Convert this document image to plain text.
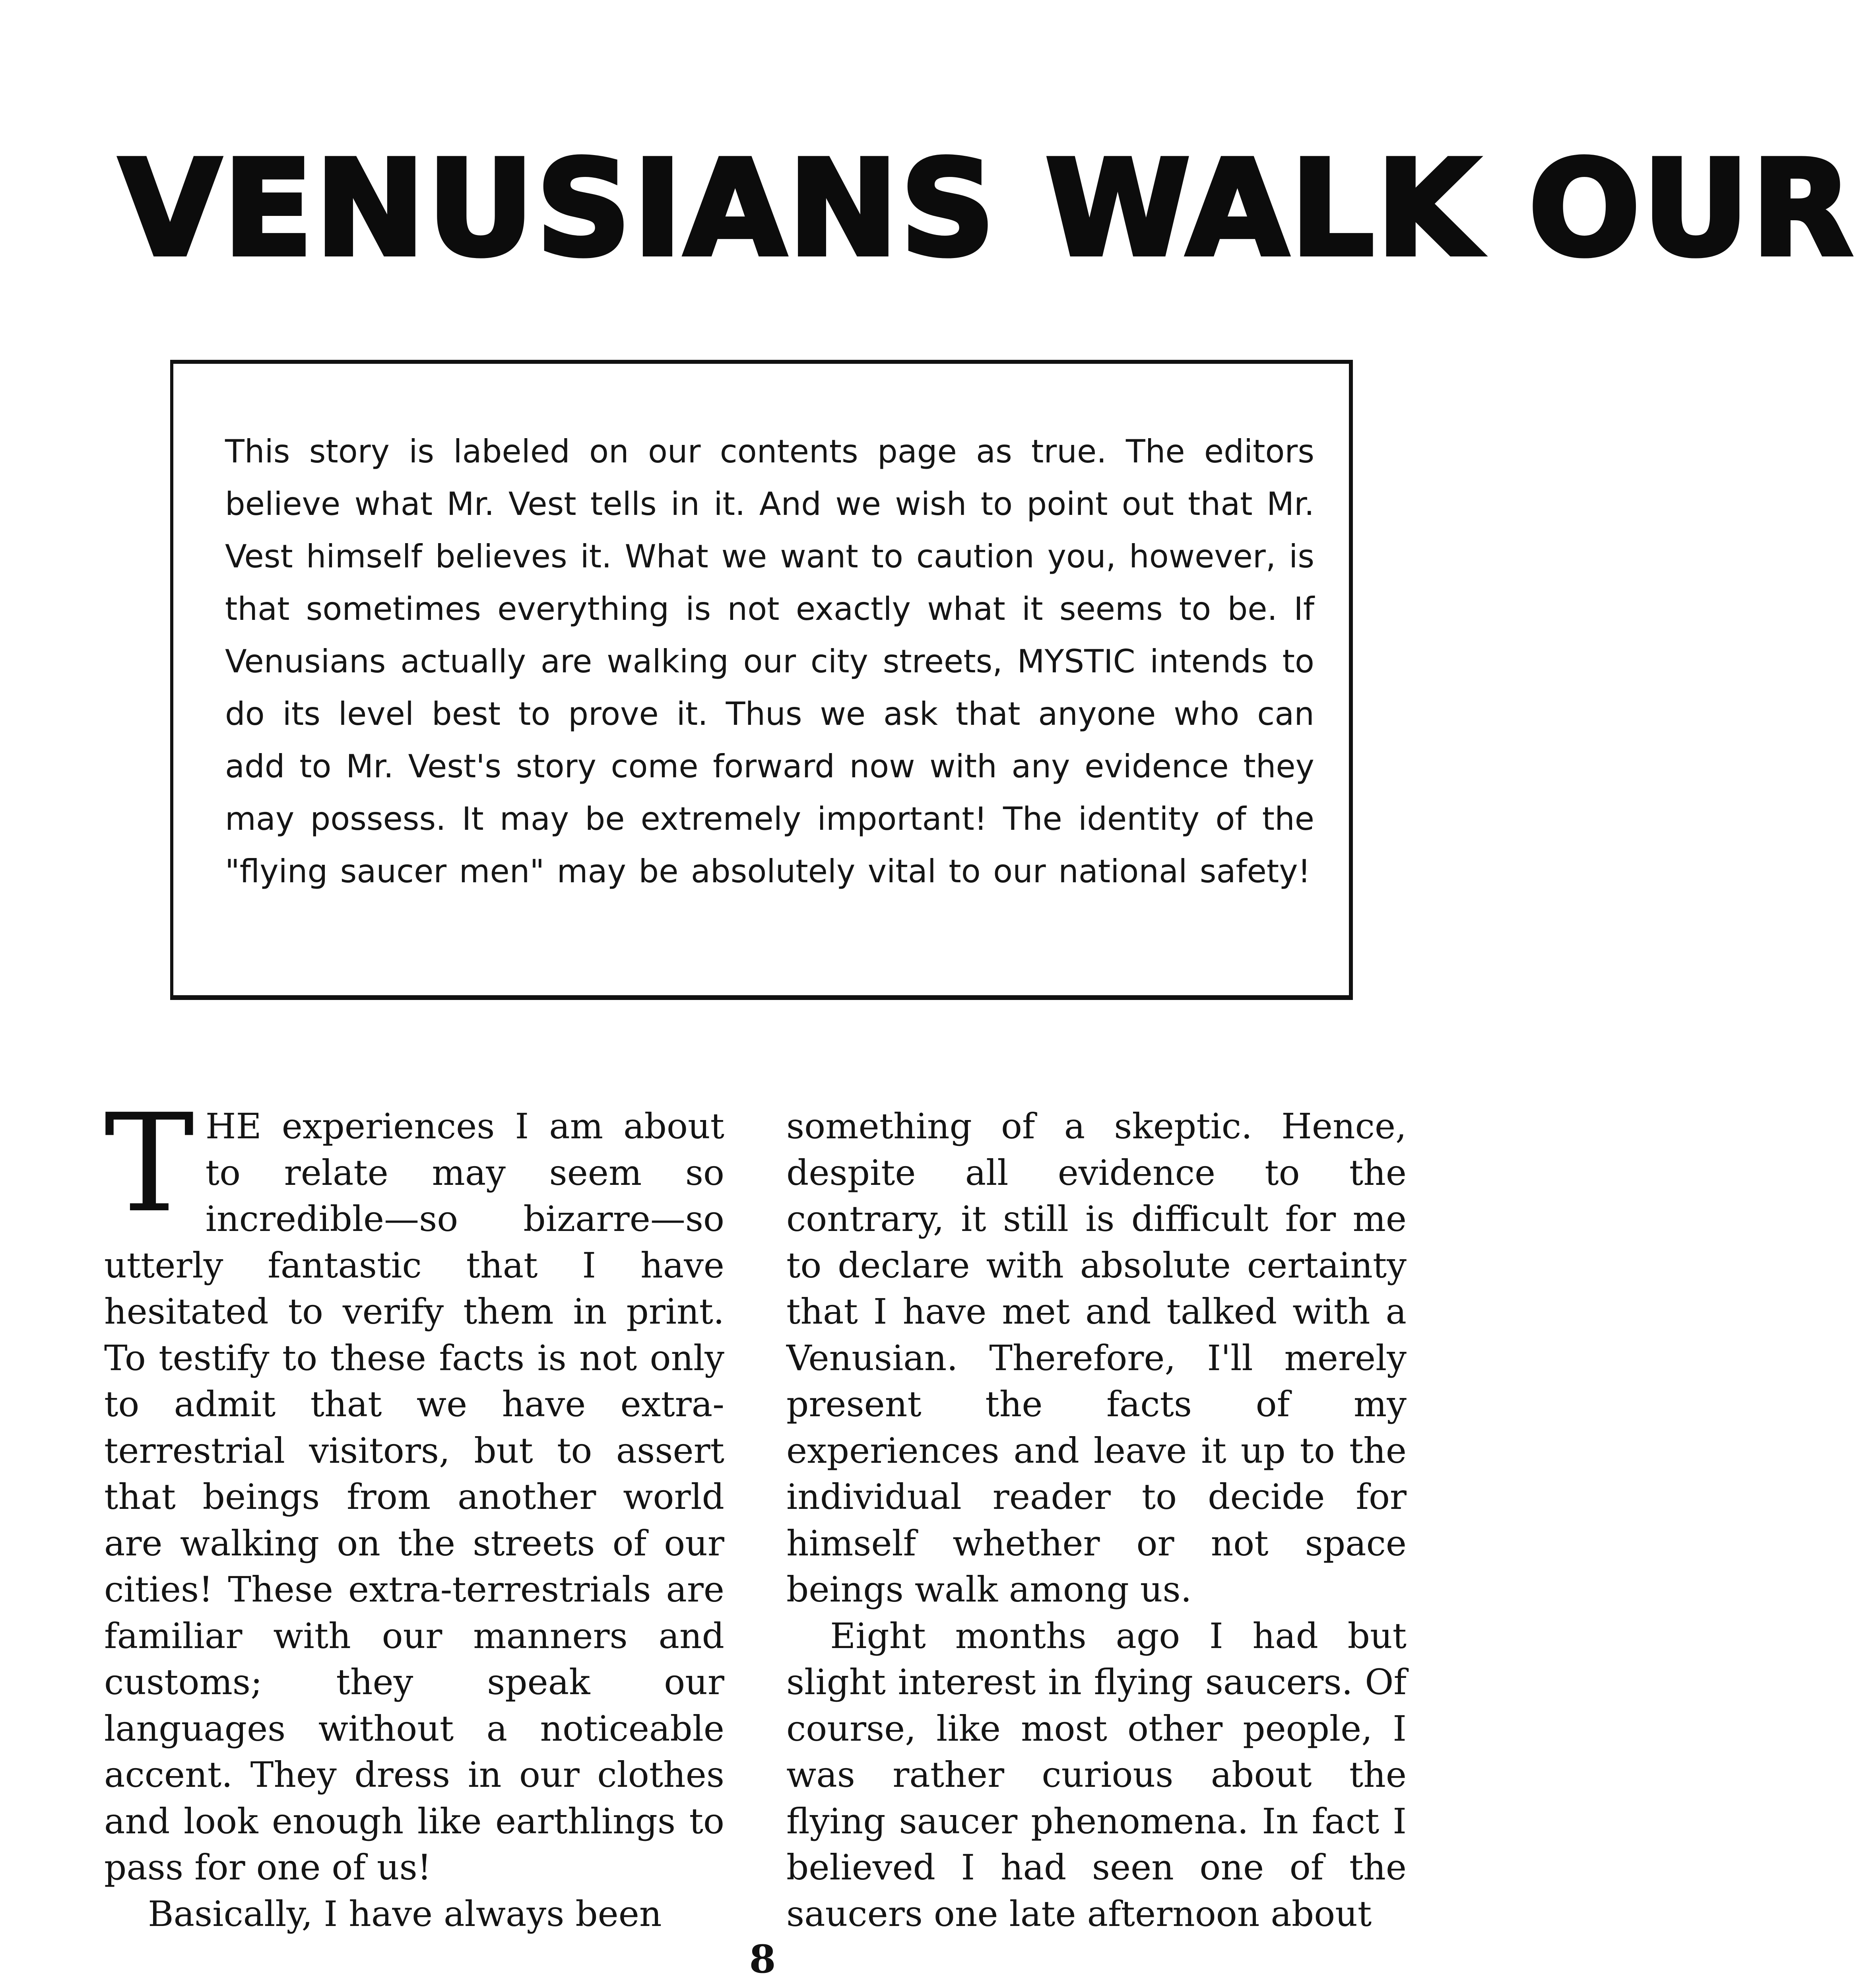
VENUSIANS WALK OUR

This story is labeled on our contents page as true. The editors believe what Mr. Vest tells in it. And we wish to point out that Mr. Vest himself believes it. What we want to caution you, however, is that sometimes everything is not exactly what it seems to be. If Venusians actually are walking our city streets, MYSTIC intends to do its level best to prove it. Thus we ask that anyone who can add to Mr. Vest's story come forward now with any evidence they may possess. It may be extremely important! The identity of the "flying saucer men" may be absolutely vital to our national safety!

THE experiences I am about to relate may seem so incredible—so bizarre—so utterly fantastic that I have hesitated to verify them in print. To testify to these facts is not only to admit that we have extra-terrestrial visitors, but to assert that beings from another world are walking on the streets of our cities! These extra-terrestrials are familiar with our manners and customs; they speak our languages without a noticeable accent. They dress in our clothes and look enough like earthlings to pass for one of us!

Basically, I have always been

something of a skeptic. Hence, despite all evidence to the contrary, it still is difficult for me to declare with absolute certainty that I have met and talked with a Venusian. Therefore, I'll merely present the facts of my experiences and leave it up to the individual reader to decide for himself whether or not space beings walk among us.

Eight months ago I had but slight interest in flying saucers. Of course, like most other people, I was rather curious about the flying saucer phenomena. In fact I believed I had seen one of the saucers one late afternoon about

8
